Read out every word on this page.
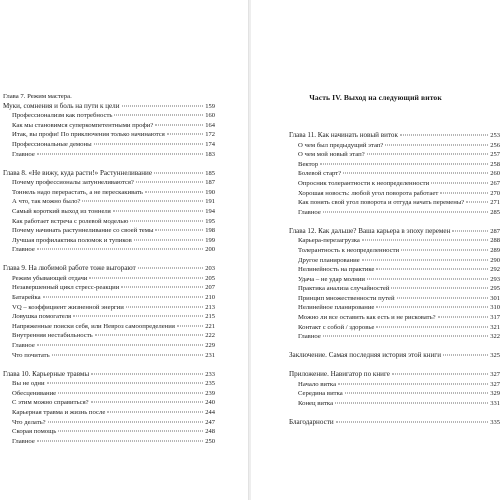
Глава 7. Режим мастера.
Муки, сомнения и боль на пути к цели	159
Профессионализм как потребность	160
Как мы становимся суперкомпетентными профи?	164
Итак, вы профи! По приключения только начинаются	172
Профессиональные демоны	174
Главное	183
Глава 8. «Не вижу, куда расти!» Растуннеливание	185
Почему профессионалы затуннеливаются?	187
Тоннель надо перерастать, а не перескакивать	190
А что, так можно было?	191
Самый короткий выход из тоннеля	194
Как работает встреча с ролевой моделью	195
Почему начинать растуннеливание со своей темы	198
Лучшая профилактика поломок и тупиков	199
Главное	200
Глава 9. На любимой работе тоже выгорают	203
Режим убывающей отдачи	205
Незавершенный цикл стресс-реакции	207
Батарейка	210
VQ – коэффициент жизненной энергии	213
Ловушка помогателя	215
Напряженные поиски себя, или Невроз самоопределения	221
Внутренняя нестабильность	222
Главное	229
Что почитать	231
Глава 10. Карьерные травмы	233
Вы не одни	235
Обесценивание	239
С этим можно справиться?	240
Карьерная травма и жизнь после	244
Что делать?	247
Скорая помощь	248
Главное	250
Часть IV. Выход на следующий виток
Глава 11. Как начинать новый виток	253
О чем был предыдущий этап?	256
О чем мой новый этап?	257
Вектор	258
Болевой старт?	260
Опросник толерантности к неопределенности	267
Хорошая новость: любой угол поворота работает	270
Как понять свой угол поворота и отгуда начать перемены?	271
Главное	285
Глава 12. Как дальше? Ваша карьера в эпоху перемен	287
Карьера-перезагрузка	288
Толерантность к неопределенности	289
Другое планирование	290
Нелинейность на практике	292
Удача – не удар молнии	293
Практика анализа случайностей	295
Принцип множественности путей	301
Нелинейное планирование	310
Можно ли все оставить как есть и не рисковать?	317
Контакт с собой / здоровье	321
Главное	322
Заключение. Самая последняя история этой книги	325
Приложение. Навигатор по книге	327
Начало витка	327
Середина витка	329
Конец витка	331
Благодарности	335
